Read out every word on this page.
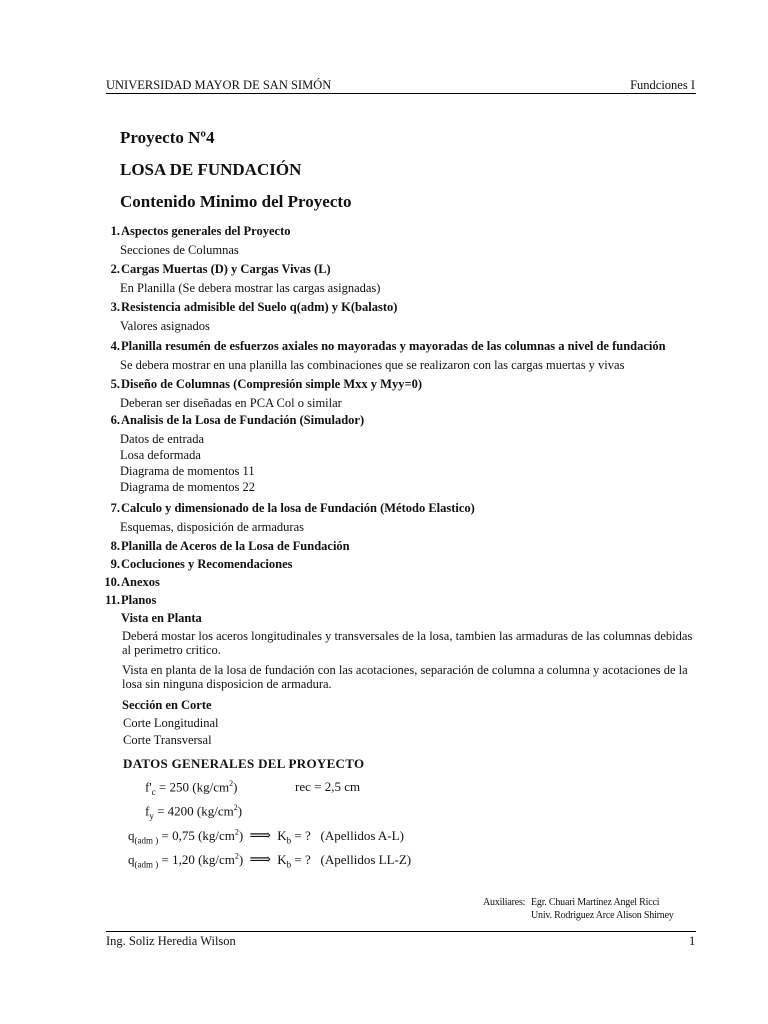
UNIVERSIDAD MAYOR DE SAN SIMÓN	Fundciones I
Proyecto Nº4
LOSA DE FUNDACIÓN
Contenido Minimo del Proyecto
1. Aspectos generales del Proyecto
Secciones de Columnas
2. Cargas Muertas (D) y Cargas Vivas (L)
En Planilla (Se debera mostrar las cargas asignadas)
3. Resistencia admisible del Suelo q(adm) y K(balasto)
Valores asignados
4. Planilla resumén de esfuerzos axiales no mayoradas y mayoradas de las columnas a nivel de fundación
Se debera mostrar en una planilla las combinaciones que se realizaron con las cargas muertas y vivas
5. Diseño de Columnas (Compresión simple Mxx y Myy=0)
Deberan ser diseñadas en PCA Col o similar
6. Analisis de la Losa de Fundación (Simulador)
Datos de entrada
Losa deformada
Diagrama de momentos 11
Diagrama de momentos 22
7. Calculo y dimensionado de la losa de Fundación (Método Elastico)
Esquemas, disposición de armaduras
8. Planilla de Aceros de la Losa de Fundación
9. Cocluciones y Recomendaciones
10. Anexos
11. Planos
Vista en Planta
Deberá mostar los aceros longitudinales y transversales de la losa, tambien las armaduras de las columnas debidas al perimetro critico.
Vista en planta de la losa de fundación con las acotaciones, separación de columna a columna y acotaciones de la losa sin ninguna disposicion de armadura.
Sección en Corte
Corte Longitudinal
Corte Transversal
DATOS GENERALES DEL PROYECTO
$f'_c = 250$ $(kg/cm^2)$	rec = 2,5 cm
$f_y = 4200$ $(kg/cm^2)$
$q_{(adm )} = 0,75$ $(kg/cm^2)$ ⟹ $K_b$ = ? (Apellidos A-L)
$q_{(adm )} = 1,20$ $(kg/cm^2)$ ⟹ $K_b$ = ? (Apellidos LL-Z)
Auxiliares: Egr. Chuari Martínez Angel Ricci
Univ. Rodriguez Arce Alison Shirney
Ing. Soliz Heredia Wilson	1
